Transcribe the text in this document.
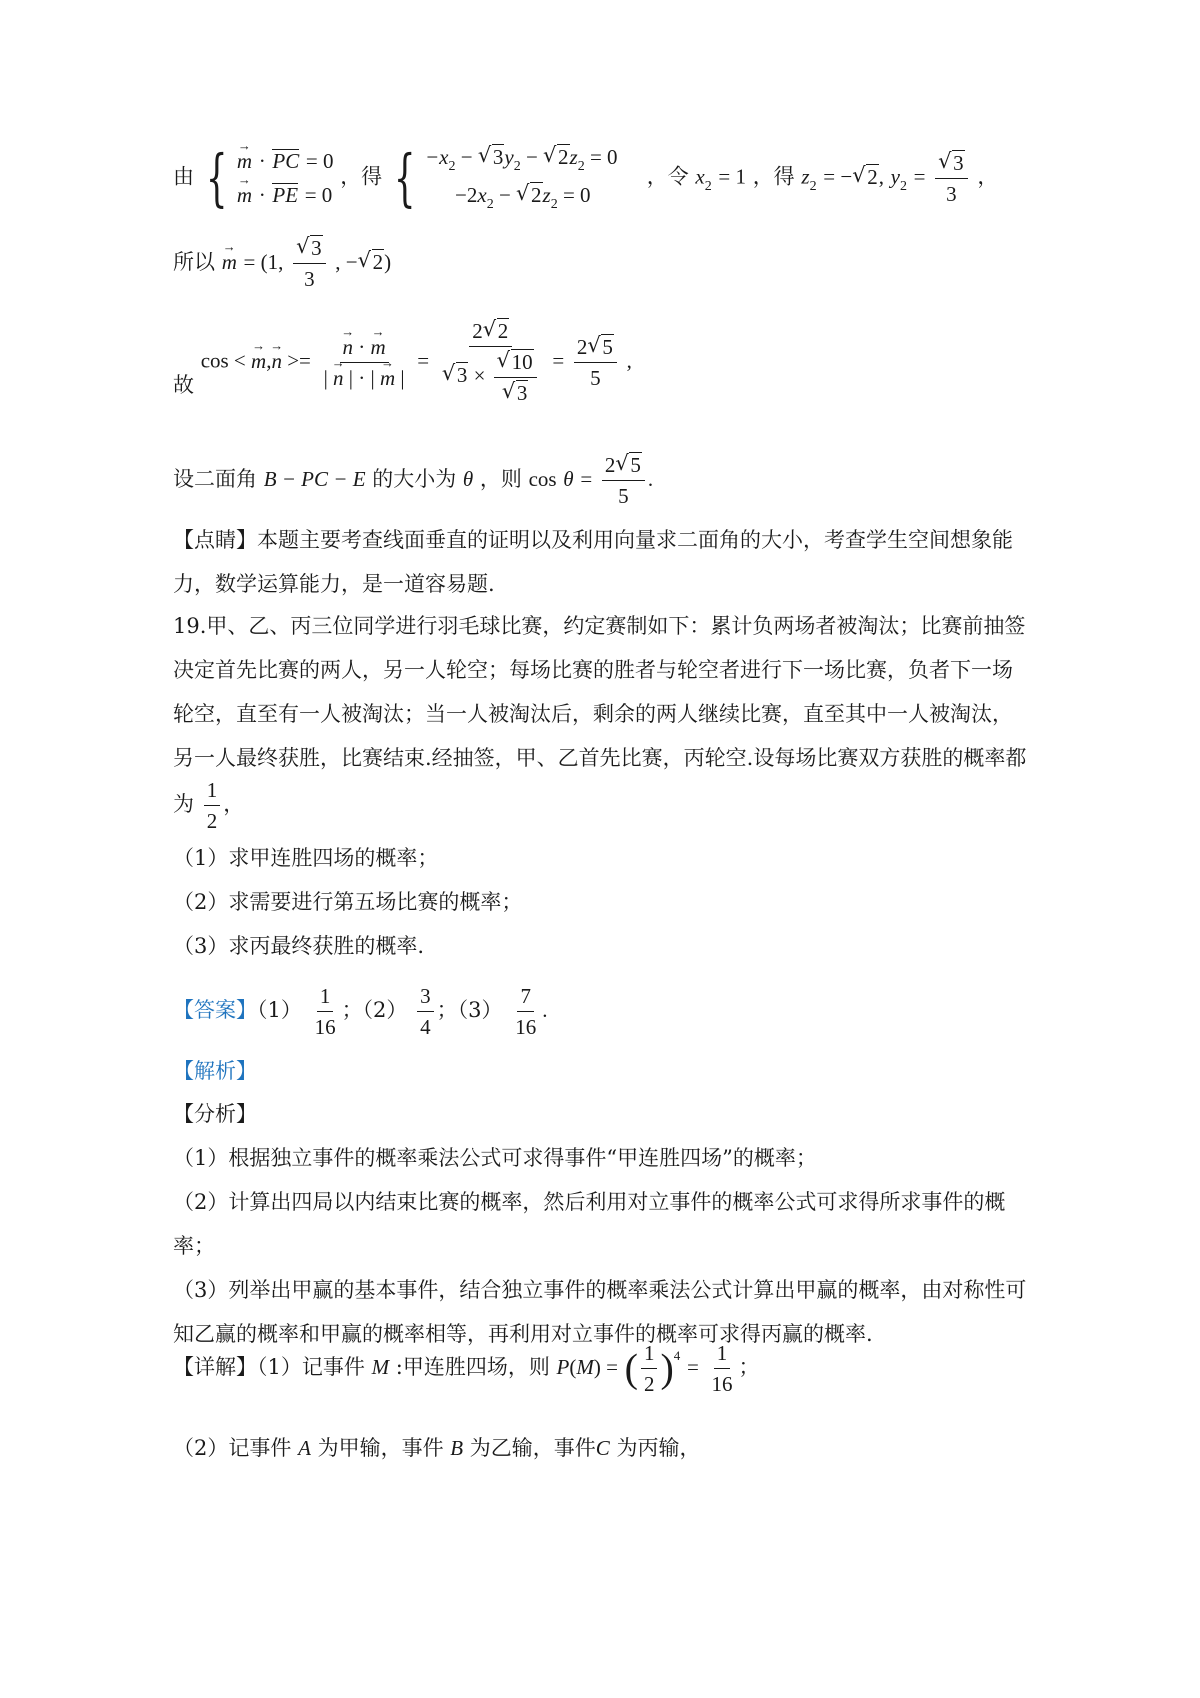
由 {
→ m · PC = 0
→ m · PE = 0
，得 { $-x_2$ − √ $3y_2$ − √ $2z_2 = 0$
$-2x_2$ − √ $2z_2 = 0$
，令 $x_2 = 1$ ，得 $z_2$ = −√ 2, $y_2$ =
√ $\frac{3}{3}$ ，
所以 → m = (1,
√ $\frac{3}{3}$ , −√ 2)
故 cos < → m,→ n >=
→ $\frac{n \cdot \to m}{| \to n | \cdot | \to m |} = 2√$ 2
√ 3 ×
√ 10
√ $3 = \frac{2√ 5}{5}$ ,
设二面角 B − PC − E 的大小为 θ ，则 $\cos \theta = \frac{2√ 5}{5}$ .
【点睛】本题主要考查线面垂直的证明以及利用向量求二面角的大小，考查学生空间想象能
力，数学运算能力，是一道容易题.
19.甲、乙、丙三位同学进行羽毛球比赛，约定赛制如下：累计负两场者被淘汰；比赛前抽签
决定首先比赛的两人，另一人轮空；每场比赛的胜者与轮空者进行下一场比赛，负者下一场
轮空，直至有一人被淘汰；当一人被淘汰后，剩余的两人继续比赛，直至其中一人被淘汰，
另一人最终获胜，比赛结束.经抽签，甲、乙首先比赛，丙轮空.设每场比赛双方获胜的概率都
为 $\frac{1}{2}$ ，
（1）求甲连胜四场的概率；
（2）求需要进行第五场比赛的概率；
（3）求丙最终获胜的概率.
【答案】$(1) \frac{1}{16}$ ；$(2) \frac{3}{4}$ ；$(3) \frac{7}{16}$ .
【解析】
【分析】
（1）根据独立事件的概率乘法公式可求得事件“甲连胜四场”的概率；
（2）计算出四局以内结束比赛的概率，然后利用对立事件的概率公式可求得所求事件的概率；
（3）列举出甲赢的基本事件，结合独立事件的概率乘法公式计算出甲赢的概率，由对称性可
知乙赢的概率和甲赢的概率相等，再利用对立事件的概率可求得丙赢的概率.
【详解】（1）记事件 M :甲连胜四场，则 P(M) = ( $\frac{1}{2} )^4 = \frac{1}{16}$ ；
（2）记事件 A 为甲输，事件 B 为乙输，事件C 为丙输，
